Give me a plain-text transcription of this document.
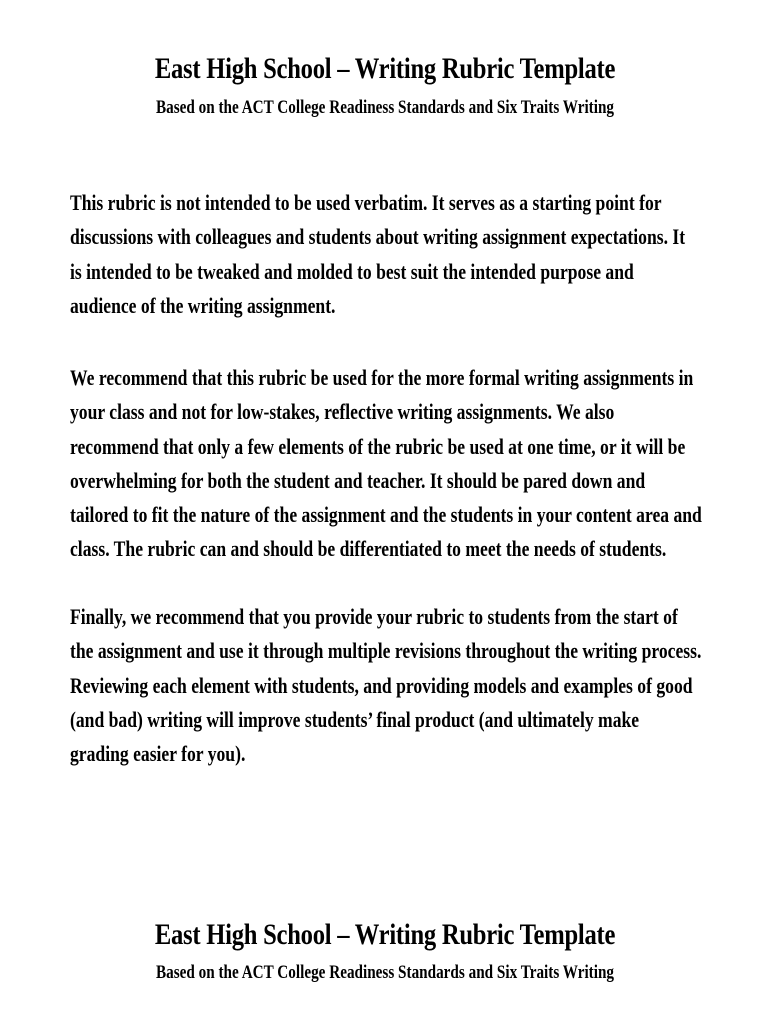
East High School – Writing Rubric Template

Based on the ACT College Readiness Standards and Six Traits Writing

This rubric is not intended to be used verbatim. It serves as a starting point for
discussions with colleagues and students about writing assignment expectations. It
is intended to be tweaked and molded to best suit the intended purpose and
audience of the writing assignment.
We recommend that this rubric be used for the more formal writing assignments in
your class and not for low-stakes, reflective writing assignments. We also
recommend that only a few elements of the rubric be used at one time, or it will be
overwhelming for both the student and teacher. It should be pared down and
tailored to fit the nature of the assignment and the students in your content area and
class. The rubric can and should be differentiated to meet the needs of students.
Finally, we recommend that you provide your rubric to students from the start of
the assignment and use it through multiple revisions throughout the writing process.
Reviewing each element with students, and providing models and examples of good
(and bad) writing will improve students’ final product (and ultimately make
grading easier for you).
East High School – Writing Rubric Template

Based on the ACT College Readiness Standards and Six Traits Writing
